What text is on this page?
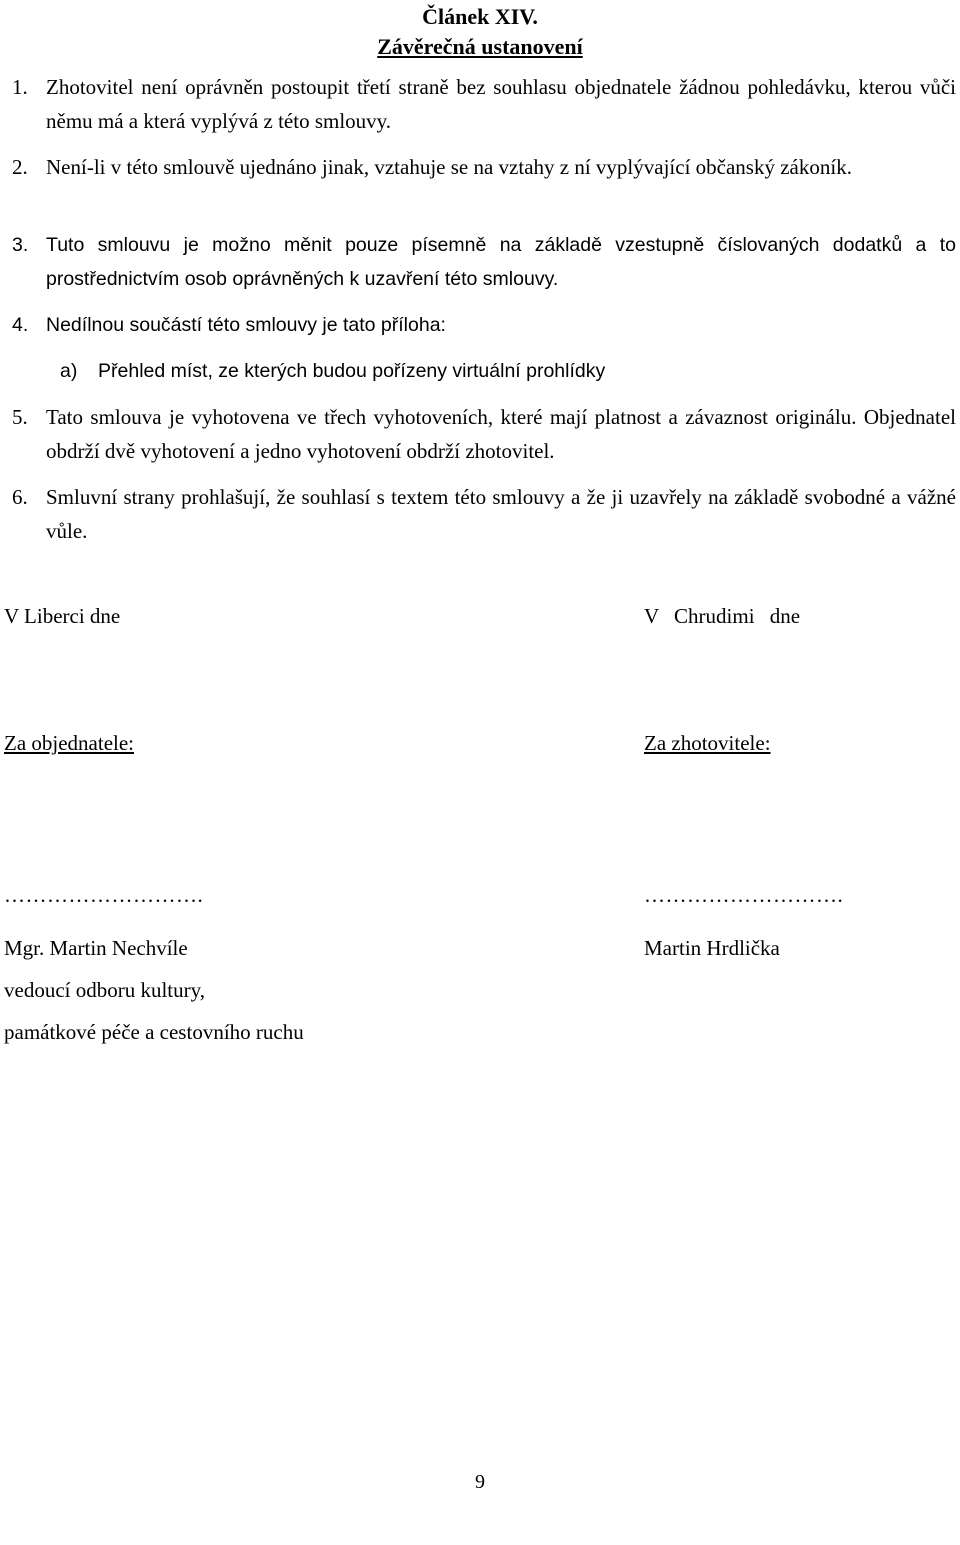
Článek XIV.
Závěrečná ustanovení

1. Zhotovitel není oprávněn postoupit třetí straně bez souhlasu objednatele žádnou pohledávku, kterou vůči němu má a která vyplývá z této smlouvy.

2. Není-li v této smlouvě ujednáno jinak, vztahuje se na vztahy z ní vyplývající občanský zákoník.

3. Tuto smlouvu je možno měnit pouze písemně na základě vzestupně číslovaných dodatků a to prostřednictvím osob oprávněných k uzavření této smlouvy.

4. Nedílnou součástí této smlouvy je tato příloha:

a) Přehled míst, ze kterých budou pořízeny virtuální prohlídky

5. Tato smlouva je vyhotovena ve třech vyhotoveních, které mají platnost a závaznost originálu. Objednatel obdrží dvě vyhotovení a jedno vyhotovení obdrží zhotovitel.

6. Smluvní strany prohlašují, že souhlasí s textem této smlouvy a že ji uzavřely na základě svobodné a vážné vůle.

V Liberci dne	V Chrudimi dne

Za objednatele:	Za zhotovitele:

……………………….	……………………….

Mgr. Martin Nechvíle	Martin Hrdlička

vedoucí odboru kultury,

památkové péče a cestovního ruchu

9
